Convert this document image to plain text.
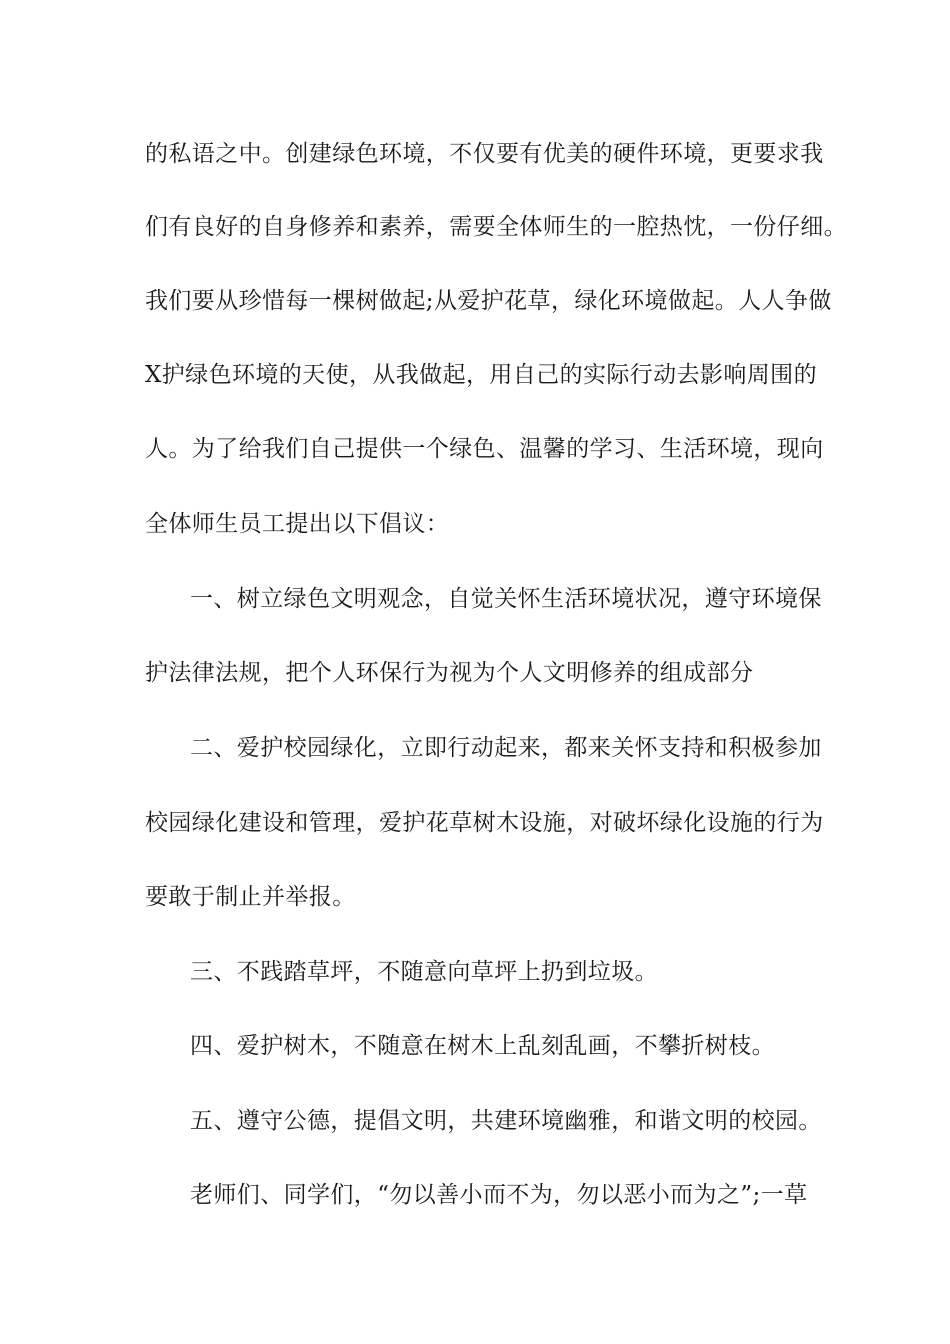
的私语之中。创建绿色环境，不仅要有优美的硬件环境，更要求我
们有良好的自身修养和素养，需要全体师生的一腔热忱，一份仔细。
我们要从珍惜每一棵树做起;从爱护花草，绿化环境做起。人人争做
X护绿色环境的天使，从我做起，用自己的实际行动去影响周围的
人。为了给我们自己提供一个绿色、温馨的学习、生活环境，现向
全体师生员工提出以下倡议：
一、树立绿色文明观念，自觉关怀生活环境状况，遵守环境保
护法律法规，把个人环保行为视为个人文明修养的组成部分
二、爱护校园绿化，立即行动起来，都来关怀支持和积极参加
校园绿化建设和管理，爱护花草树木设施，对破坏绿化设施的行为
要敢于制止并举报。
三、不践踏草坪，不随意向草坪上扔到垃圾。
四、爱护树木，不随意在树木上乱刻乱画，不攀折树枝。
五、遵守公德，提倡文明，共建环境幽雅，和谐文明的校园。
老师们、同学们，“勿以善小而不为，勿以恶小而为之”;一草
